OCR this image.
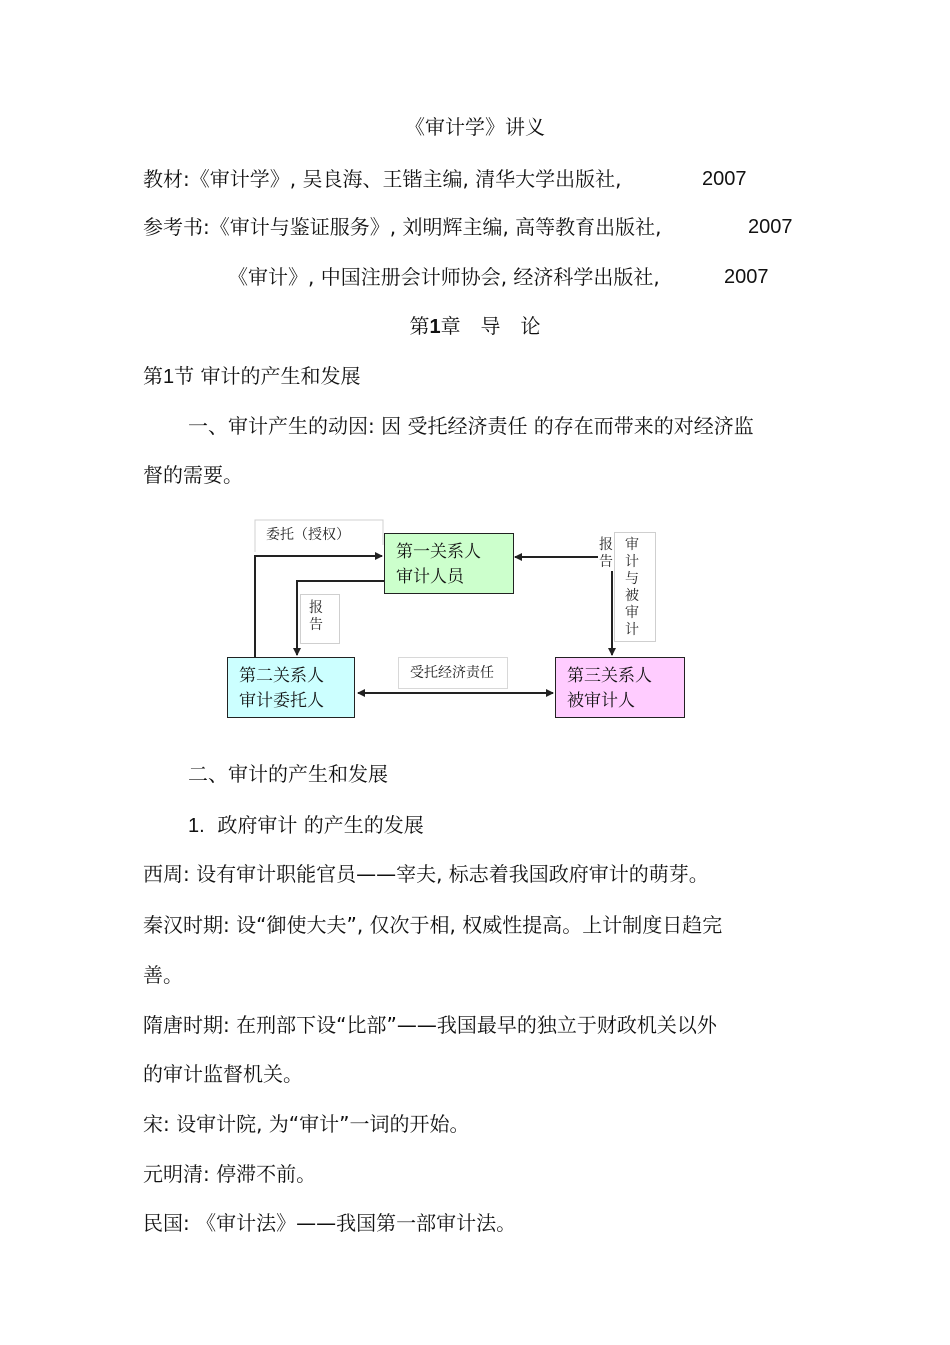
《审计学》讲义
教材:《审计学》, 吴良海、王锴主编, 清华大学出版社,	2007
参考书:《审计与鉴证服务》, 刘明辉主编, 高等教育出版社,	2007
《审计》, 中国注册会计师协会, 经济科学出版社,	2007
第1章　导　论
第1节 审计的产生和发展
一、审计产生的动因: 因 受托经济责任 的存在而带来的对经济监
督的需要。
委托（授权）
第一关系人
审计人员
报告
报告
审计与被审计
第二关系人
审计委托人
受托经济责任	第三关系人
被审计人
二、审计的产生和发展
1. 政府审计 的产生的发展
西周: 设有审计职能官员——宰夫, 标志着我国政府审计的萌芽。
秦汉时期: 设“御使大夫”, 仅次于相, 权威性提高。上计制度日趋完
善。
隋唐时期: 在刑部下设“比部”——我国最早的独立于财政机关以外
的审计监督机关。
宋: 设审计院, 为“审计”一词的开始。
元明清: 停滞不前。
民国: 《审计法》——我国第一部审计法。
